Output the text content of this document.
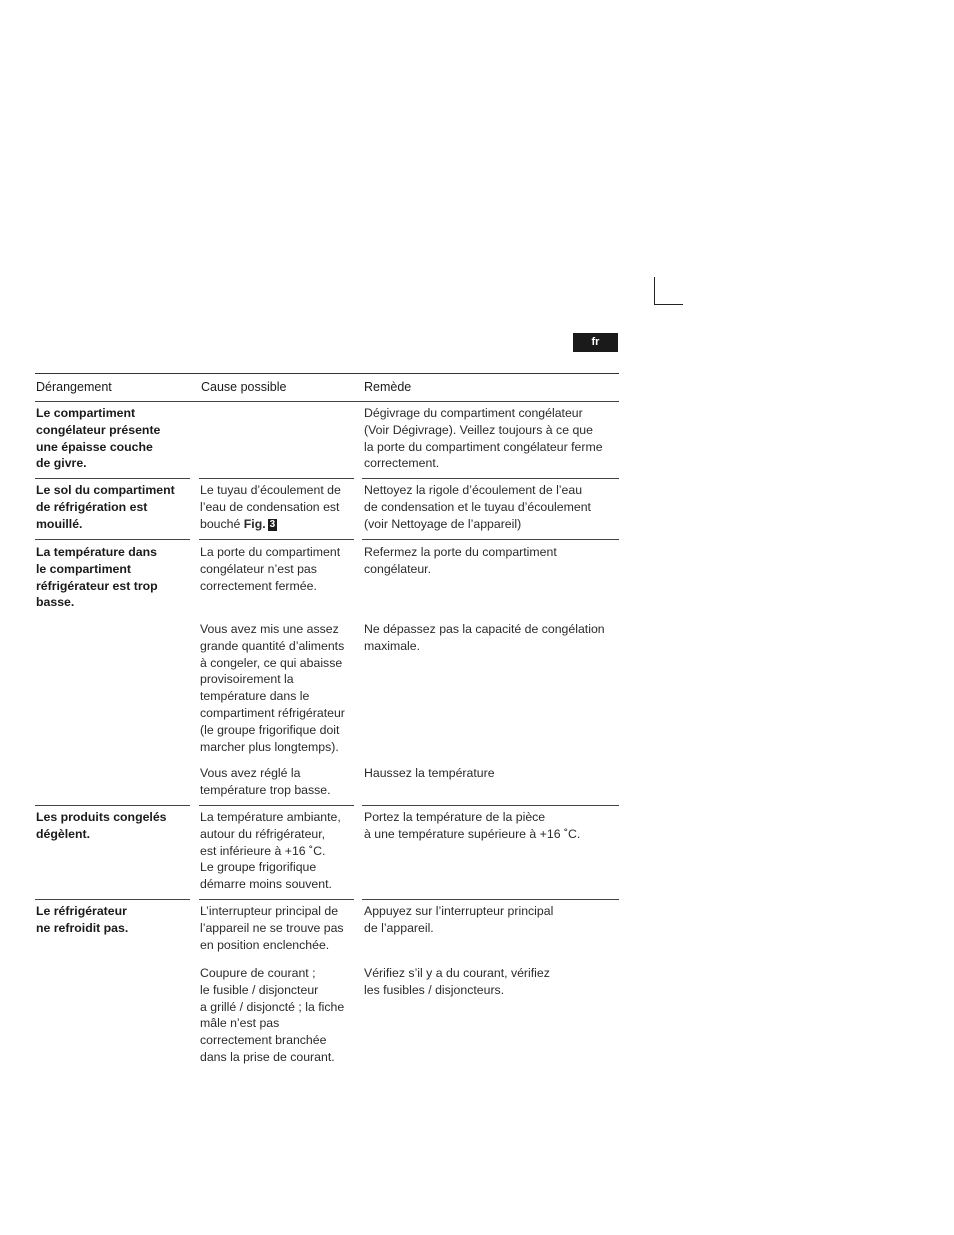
fr
Dérangement	Cause possible	Remède
Le compartiment
congélateur présente
une épaisse couche
de givre.
Dégivrage du compartiment congélateur
(Voir Dégivrage). Veillez toujours à ce que
la porte du compartiment congélateur ferme
correctement.
Le sol du compartiment
de réfrigération est
mouillé.
Le tuyau d’écoulement de
l’eau de condensation est
bouché Fig. 3
Nettoyez la rigole d’écoulement de l’eau
de condensation et le tuyau d’écoulement
(voir Nettoyage de l’appareil)
La température dans
le compartiment
réfrigérateur est trop
basse.
La porte du compartiment
congélateur n’est pas
correctement fermée.
Refermez la porte du compartiment
congélateur.
Vous avez mis une assez
grande quantité d’aliments
à congeler, ce qui abaisse
provisoirement la
température dans le
compartiment réfrigérateur
(le groupe frigorifique doit
marcher plus longtemps).
Ne dépassez pas la capacité de congélation
maximale.
Vous avez réglé la
température trop basse.
Haussez la température
Les produits congelés
dégèlent.
La température ambiante,
autour du réfrigérateur,
est inférieure à +16 ˚C.
Le groupe frigorifique
démarre moins souvent.
Portez la température de la pièce
à une température supérieure à +16 ˚C.
Le réfrigérateur
ne refroidit pas.
L’interrupteur principal de
l’appareil ne se trouve pas
en position enclenchée.
Appuyez sur l’interrupteur principal
de l’appareil.
Coupure de courant ;
le fusible / disjoncteur
a grillé / disjoncté ; la fiche
mâle n’est pas
correctement branchée
dans la prise de courant.
Vérifiez s’il y a du courant, vérifiez
les fusibles / disjoncteurs.
